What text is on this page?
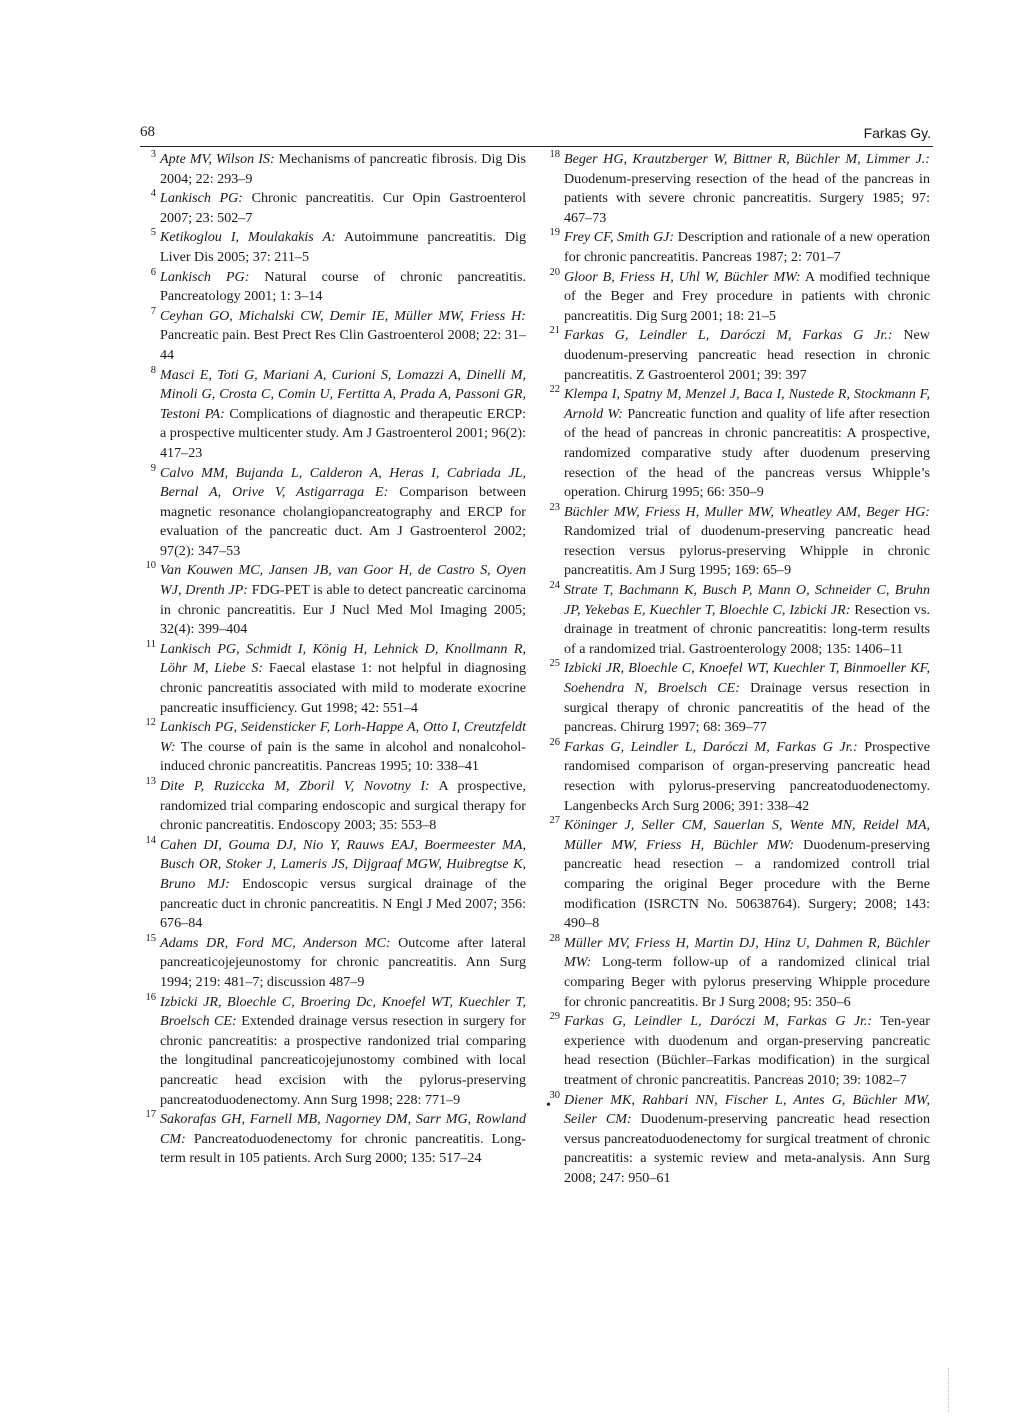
68	Farkas Gy.
3 Apte MV, Wilson IS: Mechanisms of pancreatic fibrosis. Dig Dis 2004; 22: 293–9
4 Lankisch PG: Chronic pancreatitis. Cur Opin Gastroenterol 2007; 23: 502–7
5 Ketikoglou I, Moulakakis A: Autoimmune pancreatitis. Dig Liver Dis 2005; 37: 211–5
6 Lankisch PG: Natural course of chronic pancreatitis. Pancreatology 2001; 1: 3–14
7 Ceyhan GO, Michalski CW, Demir IE, Müller MW, Friess H: Pancreatic pain. Best Prect Res Clin Gastroenterol 2008; 22: 31–44
8 Masci E, Toti G, Mariani A, Curioni S, Lomazzi A, Dinelli M, Minoli G, Crosta C, Comin U, Fertitta A, Prada A, Passoni GR, Testoni PA: Complications of diagnostic and therapeutic ERCP: a prospective multicenter study. Am J Gastroenterol 2001; 96(2): 417–23
9 Calvo MM, Bujanda L, Calderon A, Heras I, Cabriada JL, Bernal A, Orive V, Astigarraga E: Comparison between magnetic resonance cholangiopancreatography and ERCP for evaluation of the pancreatic duct. Am J Gastroenterol 2002; 97(2): 347–53
10 Van Kouwen MC, Jansen JB, van Goor H, de Castro S, Oyen WJ, Drenth JP: FDG-PET is able to detect pancreatic carcinoma in chronic pancreatitis. Eur J Nucl Med Mol Imaging 2005; 32(4): 399–404
11 Lankisch PG, Schmidt I, König H, Lehnick D, Knollmann R, Löhr M, Liebe S: Faecal elastase 1: not helpful in diagnosing chronic pancreatitis associated with mild to moderate exocrine pancreatic insufficiency. Gut 1998; 42: 551–4
12 Lankisch PG, Seidensticker F, Lorh-Happe A, Otto I, Creutzfeldt W: The course of pain is the same in alcohol and nonalcohol-induced chronic pancreatitis. Pancreas 1995; 10: 338–41
13 Dite P, Ruziccka M, Zboril V, Novotny I: A prospective, randomized trial comparing endoscopic and surgical therapy for chronic pancreatitis. Endoscopy 2003; 35: 553–8
14 Cahen DI, Gouma DJ, Nio Y, Rauws EAJ, Boermeester MA, Busch OR, Stoker J, Lameris JS, Dijgraaf MGW, Huibregtse K, Bruno MJ: Endoscopic versus surgical drainage of the pancreatic duct in chronic pancreatitis. N Engl J Med 2007; 356: 676–84
15 Adams DR, Ford MC, Anderson MC: Outcome after lateral pancreaticojejeunostomy for chronic pancreatitis. Ann Surg 1994; 219: 481–7; discussion 487–9
16 Izbicki JR, Bloechle C, Broering Dc, Knoefel WT, Kuechler T, Broelsch CE: Extended drainage versus resection in surgery for chronic pancreatitis: a prospective randonized trial comparing the longitudinal pancreaticojejunostomy combined with local pancreatic head excision with the pylorus-preserving pancreatoduodenectomy. Ann Surg 1998; 228: 771–9
17 Sakorafas GH, Farnell MB, Nagorney DM, Sarr MG, Rowland CM: Pancreatoduodenectomy for chronic pancreatitis. Long-term result in 105 patients. Arch Surg 2000; 135: 517–24
18 Beger HG, Krautzberger W, Bittner R, Büchler M, Limmer J.: Duodenum-preserving resection of the head of the pancreas in patients with severe chronic pancreatitis. Surgery 1985; 97: 467–73
19 Frey CF, Smith GJ: Description and rationale of a new operation for chronic pancreatitis. Pancreas 1987; 2: 701–7
20 Gloor B, Friess H, Uhl W, Büchler MW: A modified technique of the Beger and Frey procedure in patients with chronic pancreatitis. Dig Surg 2001; 18: 21–5
21 Farkas G, Leindler L, Daróczi M, Farkas G Jr.: New duodenum-preserving pancreatic head resection in chronic pancreatitis. Z Gastroenterol 2001; 39: 397
22 Klempa I, Spatny M, Menzel J, Baca I, Nustede R, Stockmann F, Arnold W: Pancreatic function and quality of life after resection of the head of pancreas in chronic pancreatitis: A prospective, randomized comparative study after duodenum preserving resection of the head of the pancreas versus Whipple’s operation. Chirurg 1995; 66: 350–9
23 Büchler MW, Friess H, Muller MW, Wheatley AM, Beger HG: Randomized trial of duodenum-preserving pancreatic head resection versus pylorus-preserving Whipple in chronic pancreatitis. Am J Surg 1995; 169: 65–9
24 Strate T, Bachmann K, Busch P, Mann O, Schneider C, Bruhn JP, Yekebas E, Kuechler T, Bloechle C, Izbicki JR: Resection vs. drainage in treatment of chronic pancreatitis: long-term results of a randomized trial. Gastroenterology 2008; 135: 1406–11
25 Izbicki JR, Bloechle C, Knoefel WT, Kuechler T, Binmoeller KF, Soehendra N, Broelsch CE: Drainage versus resection in surgical therapy of chronic pancreatitis of the head of the pancreas. Chirurg 1997; 68: 369–77
26 Farkas G, Leindler L, Daróczi M, Farkas G Jr.: Prospective randomised comparison of organ-preserving pancreatic head resection with pylorus-preserving pancreatoduodenectomy. Langenbecks Arch Surg 2006; 391: 338–42
27 Köninger J, Seller CM, Sauerlan S, Wente MN, Reidel MA, Müller MW, Friess H, Büchler MW: Duodenum-preserving pancreatic head resection – a randomized controll trial comparing the original Beger procedure with the Berne modification (ISRCTN No. 50638764). Surgery; 2008; 143: 490–8
28 Müller MV, Friess H, Martin DJ, Hinz U, Dahmen R, Büchler MW: Long-term follow-up of a randomized clinical trial comparing Beger with pylorus preserving Whipple procedure for chronic pancreatitis. Br J Surg 2008; 95: 350–6
29 Farkas G, Leindler L, Daróczi M, Farkas G Jr.: Ten-year experience with duodenum and organ-preserving pancreatic head resection (Büchler–Farkas modification) in the surgical treatment of chronic pancreatitis. Pancreas 2010; 39: 1082–7
30 Diener MK, Rahbari NN, Fischer L, Antes G, Büchler MW, Seiler CM: Duodenum-preserving pancreatic head resection versus pancreatoduodenectomy for surgical treatment of chronic pancreatitis: a systemic review and meta-analysis. Ann Surg 2008; 247: 950–61
•
